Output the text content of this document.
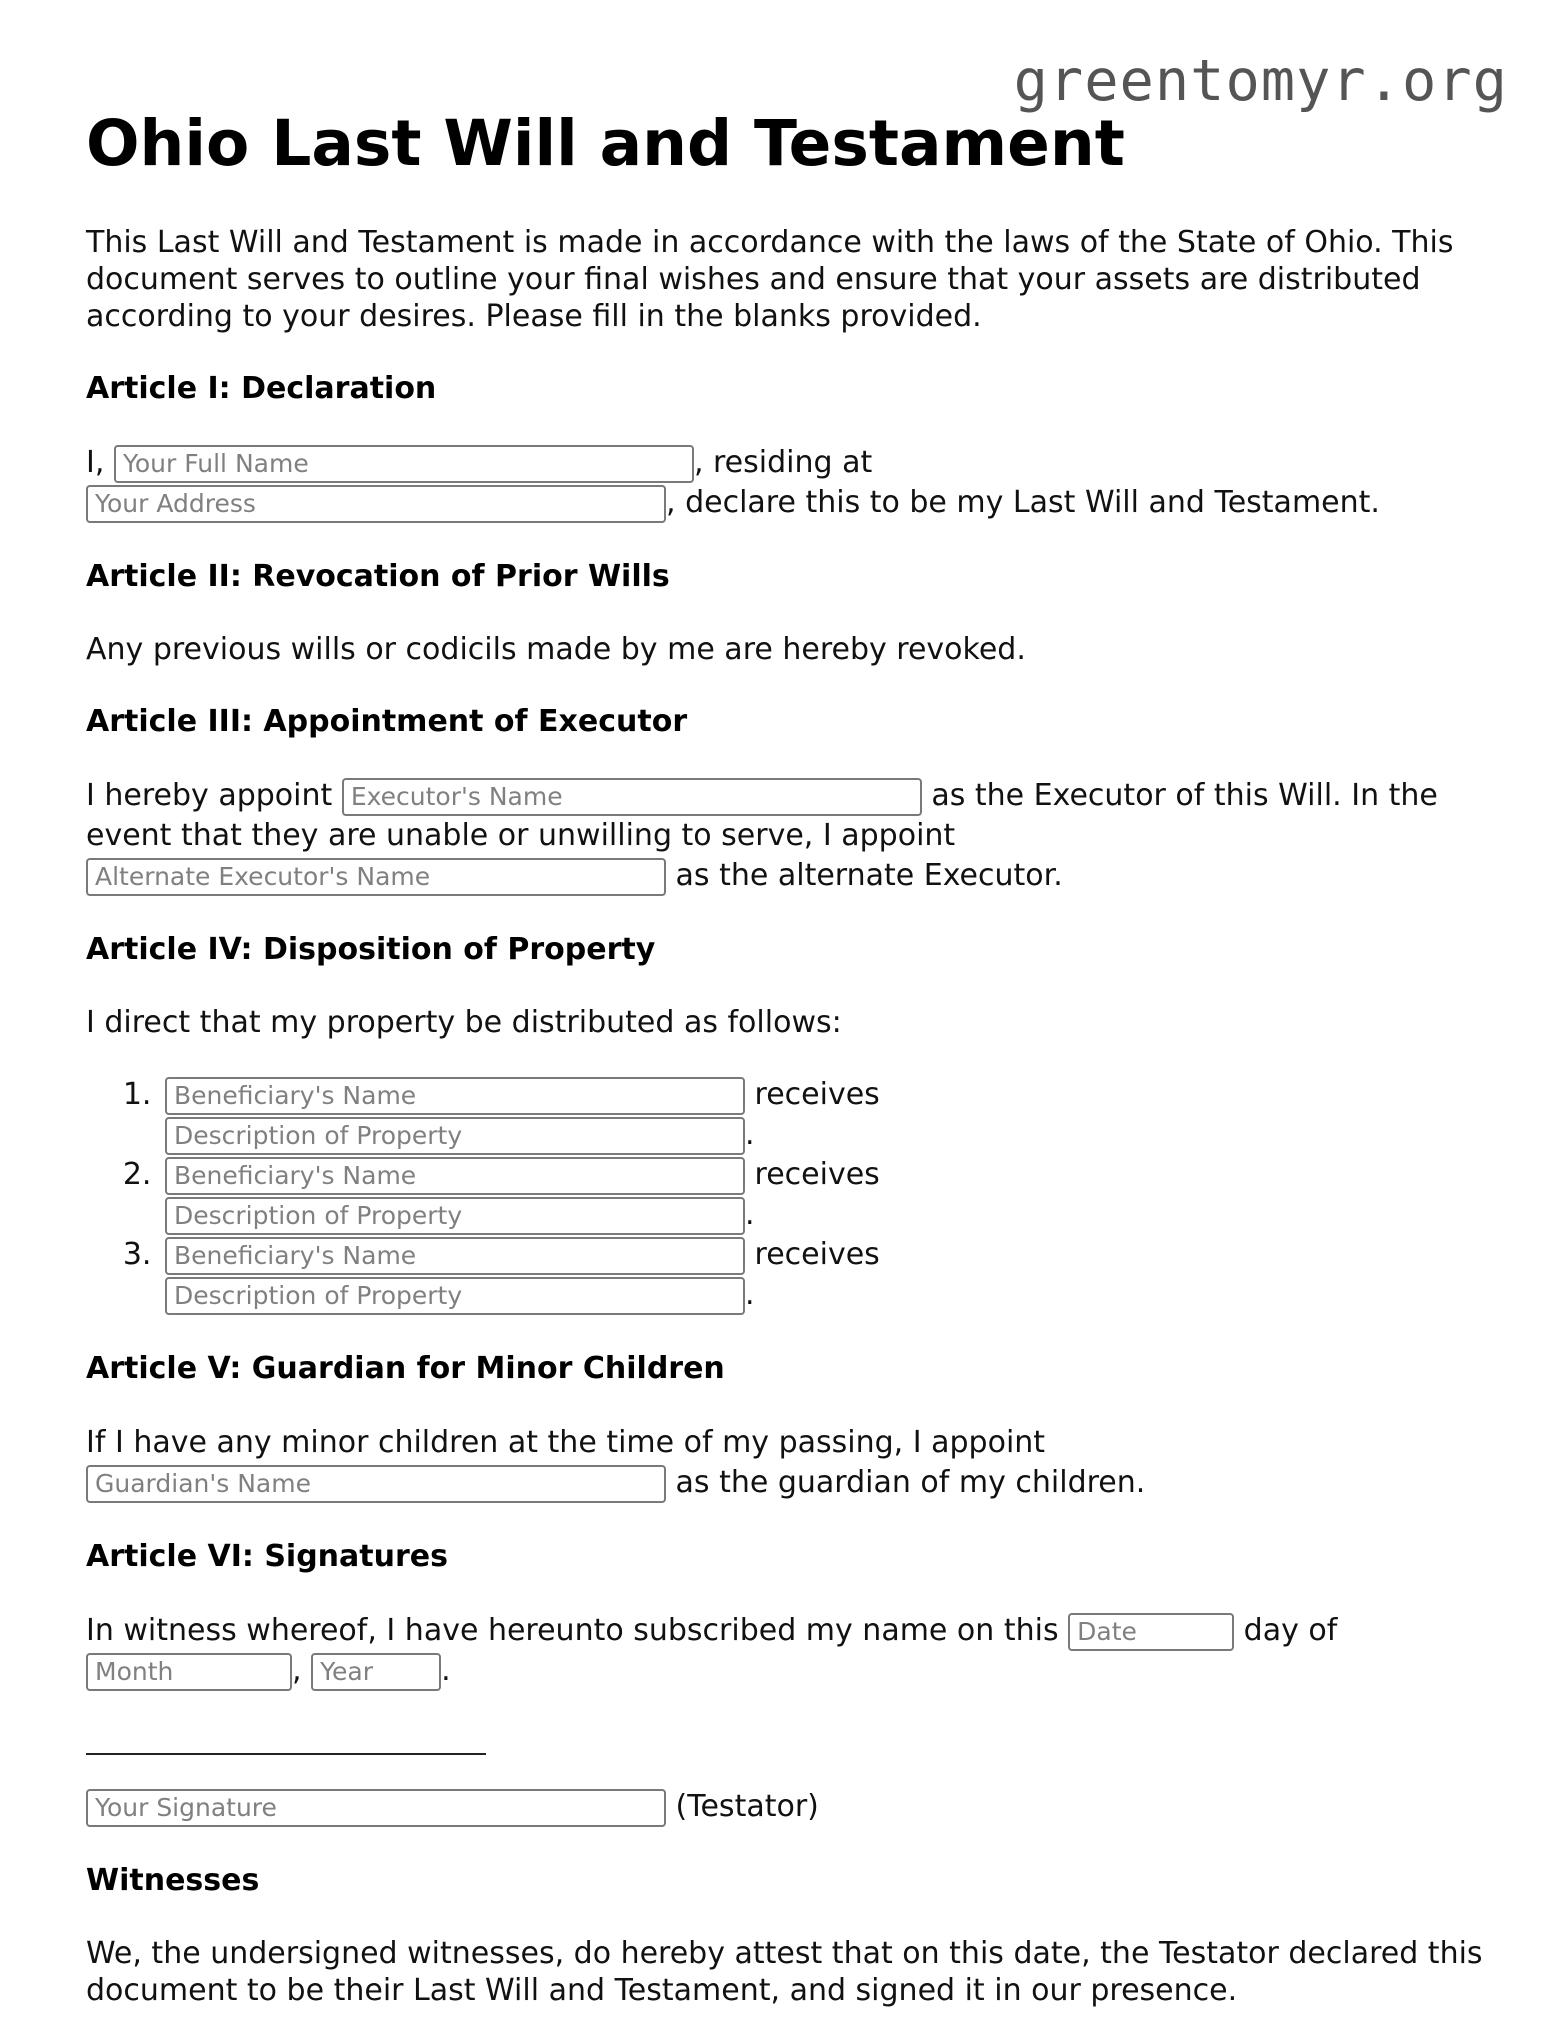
greentomyr.org
Ohio Last Will and Testament

This Last Will and Testament is made in accordance with the laws of the State of Ohio. This document serves to outline your final wishes and ensure that your assets are distributed according to your desires. Please fill in the blanks provided.

Article I: Declaration

I, Your Full Name	, residing at
Your Address, declare this to be my Last Will and Testament.

Article II: Revocation of Prior Wills

Any previous wills or codicils made by me are hereby revoked.

Article III: Appointment of Executor

I hereby appoint Executor's Name	as the Executor of this Will. In the event that they are unable or unwilling to serve, I appoint
Alternate Executor's Name as the alternate Executor.

Article IV: Disposition of Property

I direct that my property be distributed as follows:

Beneficiary's Name 1. receives
Description of Property.
Beneficiary's Name 2. receives
Description of Property.
Beneficiary's Name 3. receives
Description of Property.
Article V: Guardian for Minor Children

If I have any minor children at the time of my passing, I appoint
Guardian's Name as the guardian of my children.

Article VI: Signatures

In witness whereof, I have hereunto subscribed my name on this Date	day of
Month, Year	.

Your Signature (Testator)

Witnesses

We, the undersigned witnesses, do hereby attest that on this date, the Testator declared this document to be their Last Will and Testament, and signed it in our presence.
